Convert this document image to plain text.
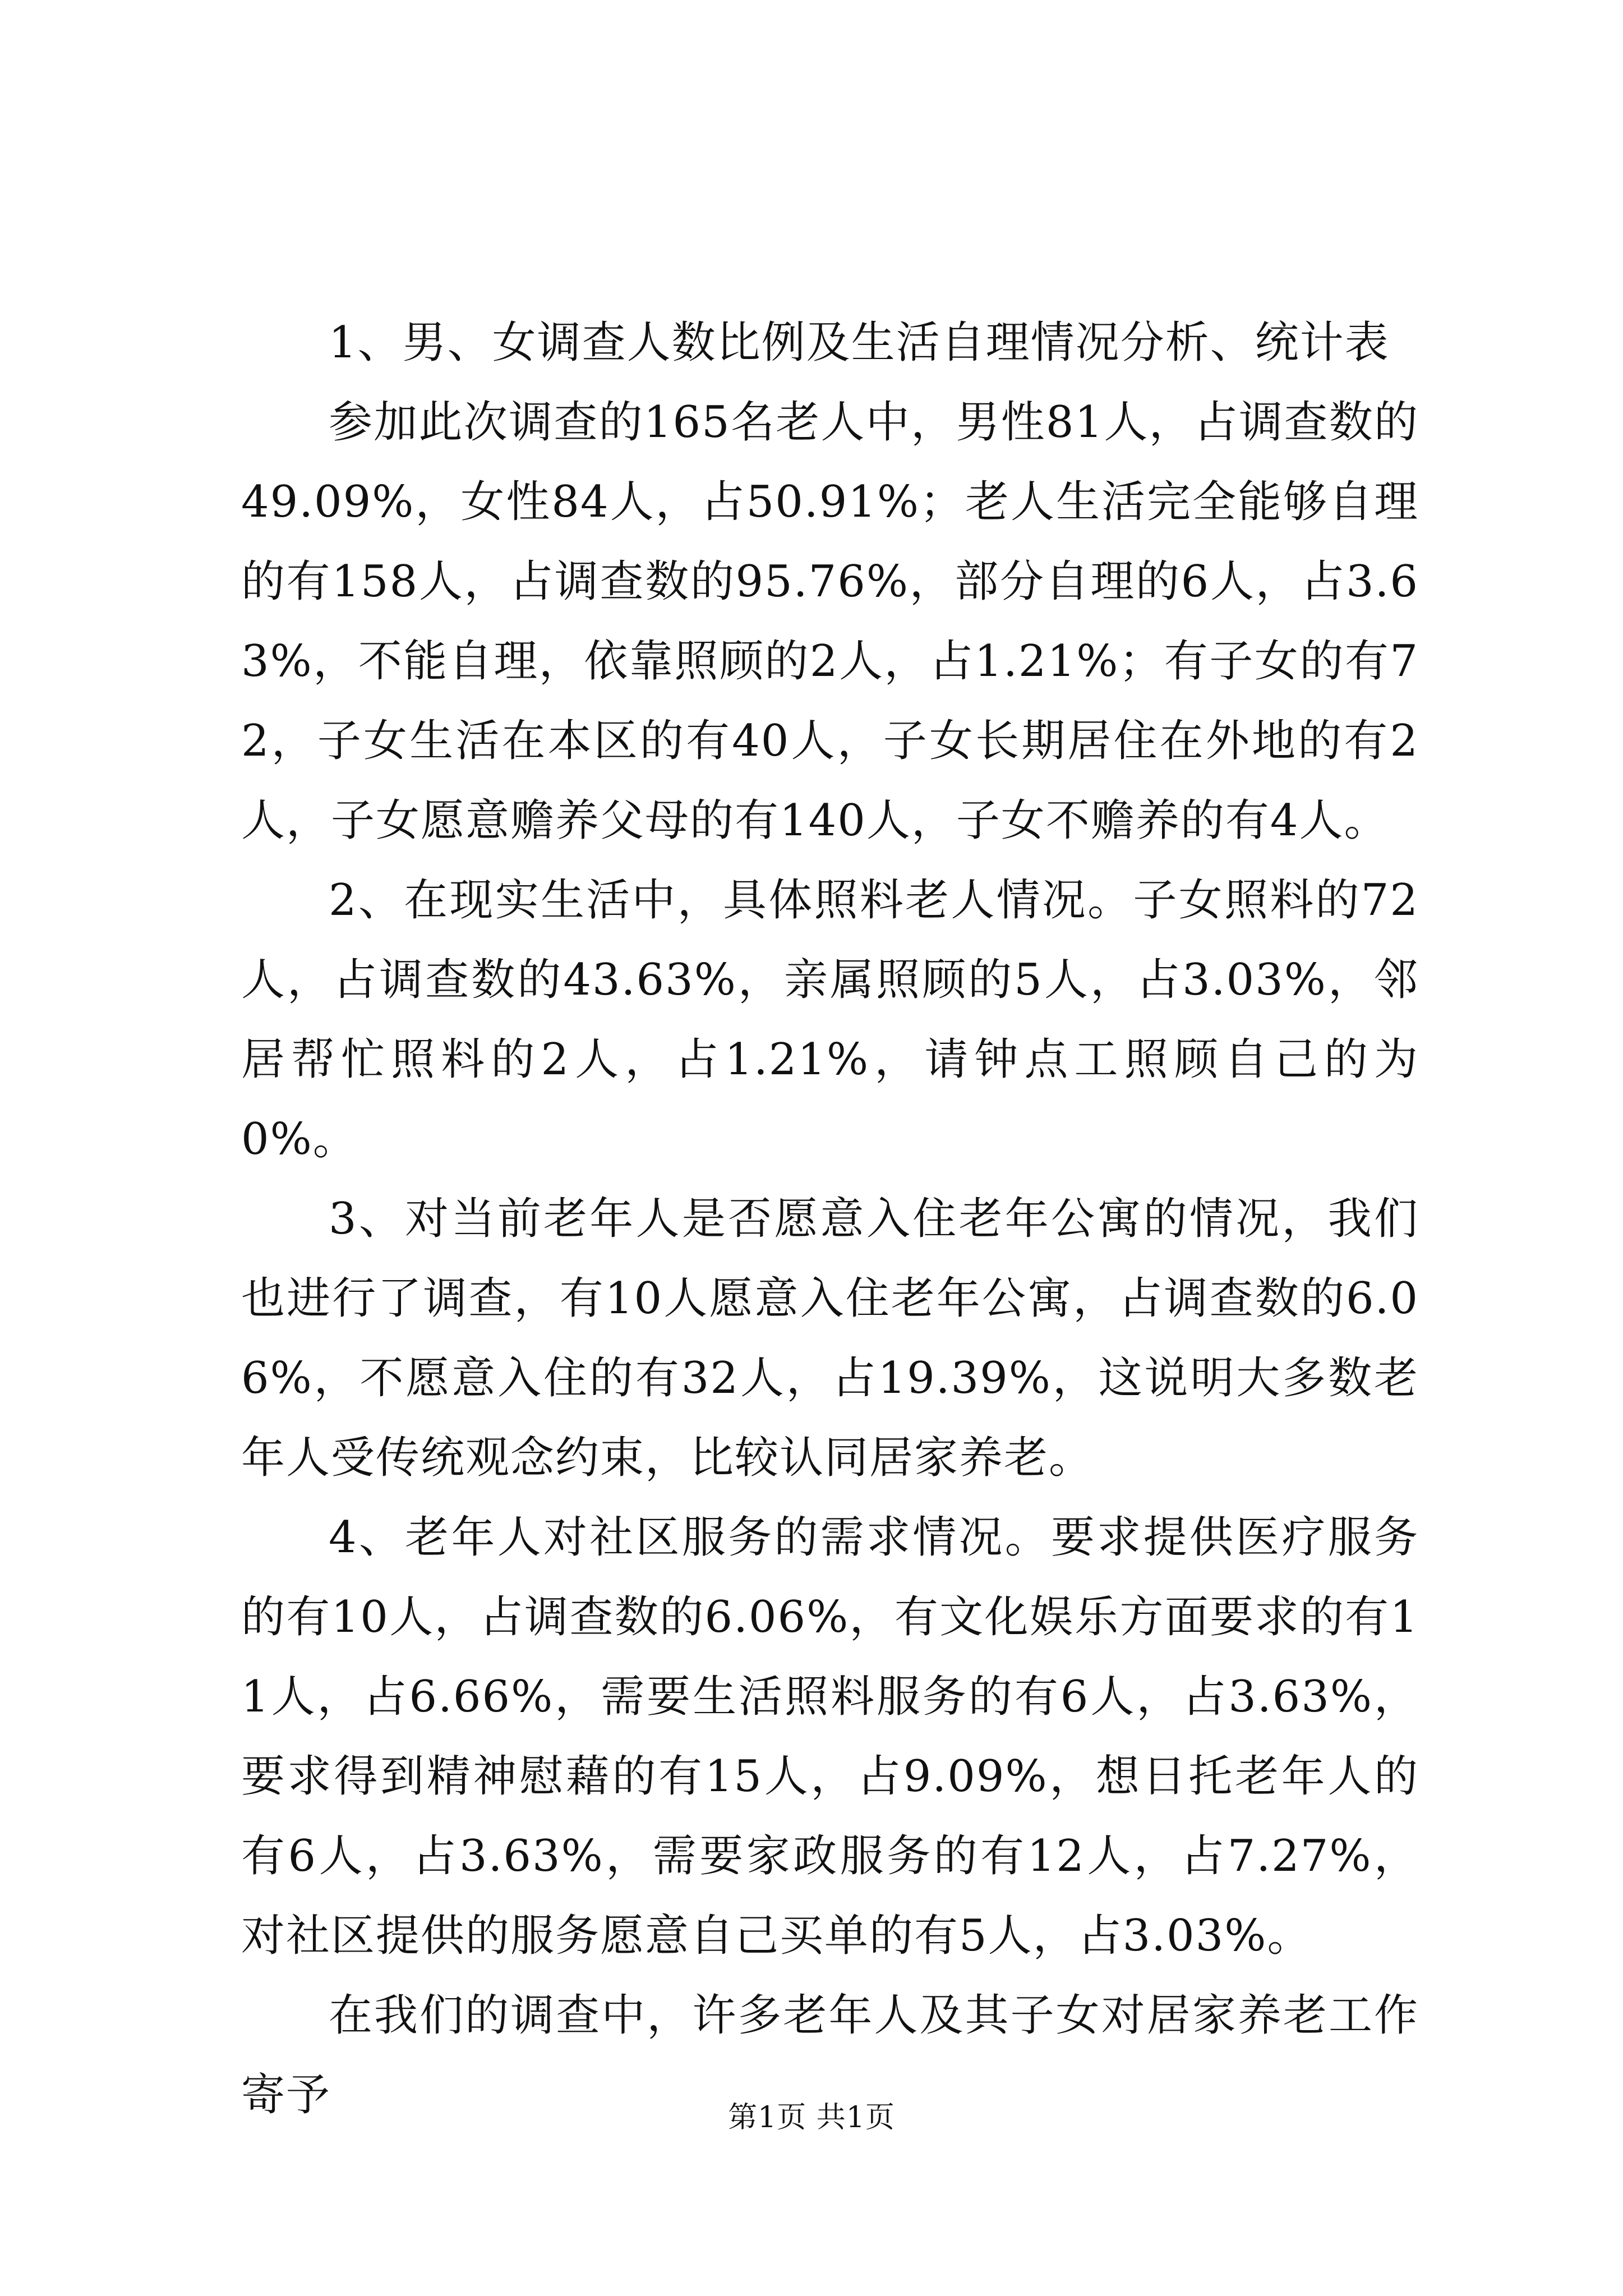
1、男、女调查人数比例及生活自理情况分析、统计表

参加此次调查的165名老人中，男性81人，占调查数的49.09%，女性84人，占50.91%；老人生活完全能够自理的有158人，占调查数的95.76%，部分自理的6人，占3.63%，不能自理，依靠照顾的2人，占1.21%；有子女的有72，子女生活在本区的有40人，子女长期居住在外地的有2人，子女愿意赡养父母的有140人，子女不赡养的有4人。

2、在现实生活中，具体照料老人情况。子女照料的72人，占调查数的43.63%，亲属照顾的5人，占3.03%，邻居帮忙照料的2人，占1.21%，请钟点工照顾自己的为0%。

3、对当前老年人是否愿意入住老年公寓的情况，我们也进行了调查，有10人愿意入住老年公寓，占调查数的6.06%，不愿意入住的有32人，占19.39%，这说明大多数老年人受传统观念约束，比较认同居家养老。

4、老年人对社区服务的需求情况。要求提供医疗服务的有10人，占调查数的6.06%，有文化娱乐方面要求的有11人，占6.66%，需要生活照料服务的有6人，占3.63%，要求得到精神慰藉的有15人，占9.09%，想日托老年人的有6人，占3.63%，需要家政服务的有12人，占7.27%，对社区提供的服务愿意自己买单的有5人，占3.03%。

在我们的调查中，许多老年人及其子女对居家养老工作寄予	第1页 共1页
